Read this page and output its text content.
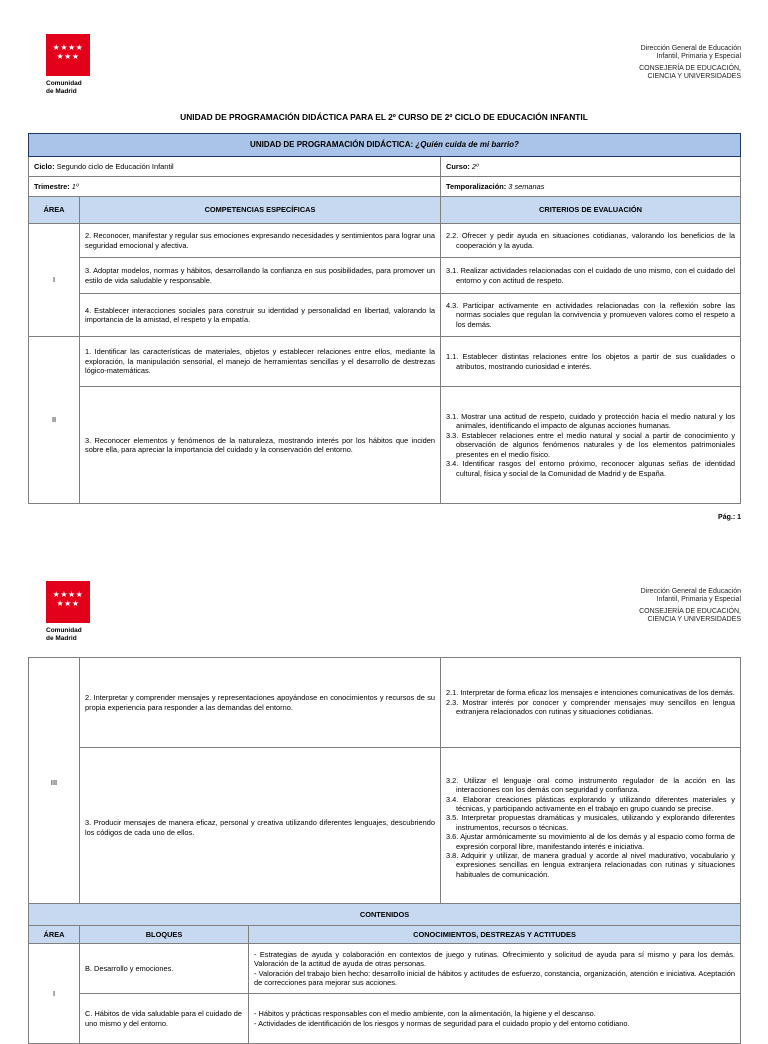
★★★★
★★★
Comunidad
de Madrid
Dirección General de Educación
Infantil, Primaria y Especial
CONSEJERÍA DE EDUCACIÓN,
CIENCIA Y UNIVERSIDADES
UNIDAD DE PROGRAMACIÓN DIDÁCTICA PARA EL 2º CURSO DE 2º CICLO DE EDUCACIÓN INFANTIL
UNIDAD DE PROGRAMACIÓN DIDÁCTICA: ¿Quién cuida de mi barrio?		
Ciclo: Segundo ciclo de Educación Infantil		Curso: 2º
Trimestre: 1º		Temporalización: 3 semanas
ÁREA	COMPETENCIAS ESPECÍFICAS	CRITERIOS DE EVALUACIÓN
I	2. Reconocer, manifestar y regular sus emociones expresando necesidades y sentimientos para lograr una seguridad emocional y afectiva.	2.2. Ofrecer y pedir ayuda en situaciones cotidianas, valorando los beneficios de la cooperación y la ayuda.

	3. Adoptar modelos, normas y hábitos, desarrollando la confianza en sus posibilidades, para promover un estilo de vida saludable y responsable.	3.1. Realizar actividades relacionadas con el cuidado de uno mismo, con el cuidado del entorno y con actitud de respeto.

	4. Establecer interacciones sociales para construir su identidad y personalidad en libertad, valorando la importancia de la amistad, el respeto y la empatía.	4.3. Participar activamente en actividades relacionadas con la reflexión sobre las normas sociales que regulan la convivencia y promueven valores como el respeto a los demás.

II	1. Identificar las características de materiales, objetos y establecer relaciones entre ellos, mediante la exploración, la manipulación sensorial, el manejo de herramientas sencillas y el desarrollo de destrezas lógico-matemáticas.	1.1. Establecer distintas relaciones entre los objetos a partir de sus cualidades o atributos, mostrando curiosidad e interés.

	3. Reconocer elementos y fenómenos de la naturaleza, mostrando interés por los hábitos que inciden sobre ella, para apreciar la importancia del cuidado y la conservación del entorno.	3.1. Mostrar una actitud de respeto, cuidado y protección hacia el medio natural y los animales, identificando el impacto de algunas acciones humanas.
3.3. Establecer relaciones entre el medio natural y social a partir de conocimiento y observación de algunos fenómenos naturales y de los elementos patrimoniales presentes en el medio físico.
3.4. Identificar rasgos del entorno próximo, reconocer algunas señas de identidad cultural, física y social de la Comunidad de Madrid y de España.
Pág.: 1
★★★★
★★★
Comunidad
de Madrid
Dirección General de Educación
Infantil, Primaria y Especial
CONSEJERÍA DE EDUCACIÓN,
CIENCIA Y UNIVERSIDADES
III	2. Interpretar y comprender mensajes y representaciones apoyándose en conocimientos y recursos de su propia experiencia para responder a las demandas del entorno.	2.1. Interpretar de forma eficaz los mensajes e intenciones comunicativas de los demás.
2.3. Mostrar interés por conocer y comprender mensajes muy sencillos en lengua extranjera relacionados con rutinas y situaciones cotidianas.

	3. Producir mensajes de manera eficaz, personal y creativa utilizando diferentes lenguajes, descubriendo los códigos de cada uno de ellos.	3.2. Utilizar el lenguaje oral como instrumento regulador de la acción en las interacciones con los demás con seguridad y confianza.
3.4. Elaborar creaciones plásticas explorando y utilizando diferentes materiales y técnicas, y participando activamente en el trabajo en grupo cuando se precise.
3.5. Interpretar propuestas dramáticas y musicales, utilizando y explorando diferentes instrumentos, recursos o técnicas.
3.6. Ajustar armónicamente su movimiento al de los demás y al espacio como forma de expresión corporal libre, manifestando interés e iniciativa.
3.8. Adquirir y utilizar, de manera gradual y acorde al nivel madurativo, vocabulario y expresiones sencillas en lengua extranjera relacionadas con rutinas y situaciones habituales de comunicación.
CONTENIDOS		
ÁREA	BLOQUES	CONOCIMIENTOS, DESTREZAS Y ACTITUDES
I	B. Desarrollo y emociones.	- Estrategias de ayuda y colaboración en contextos de juego y rutinas. Ofrecimiento y solicitud de ayuda para sí mismo y para los demás. Valoración de la actitud de ayuda de otras personas.
- Valoración del trabajo bien hecho: desarrollo inicial de hábitos y actitudes de esfuerzo, constancia, organización, atención e iniciativa. Aceptación de correcciones para mejorar sus acciones.

	C. Hábitos de vida saludable para el cuidado de uno mismo y del entorno.	- Hábitos y prácticas responsables con el medio ambiente, con la alimentación, la higiene y el descanso.
- Actividades de identificación de los riesgos y normas de seguridad para el cuidado propio y del entorno cotidiano.
